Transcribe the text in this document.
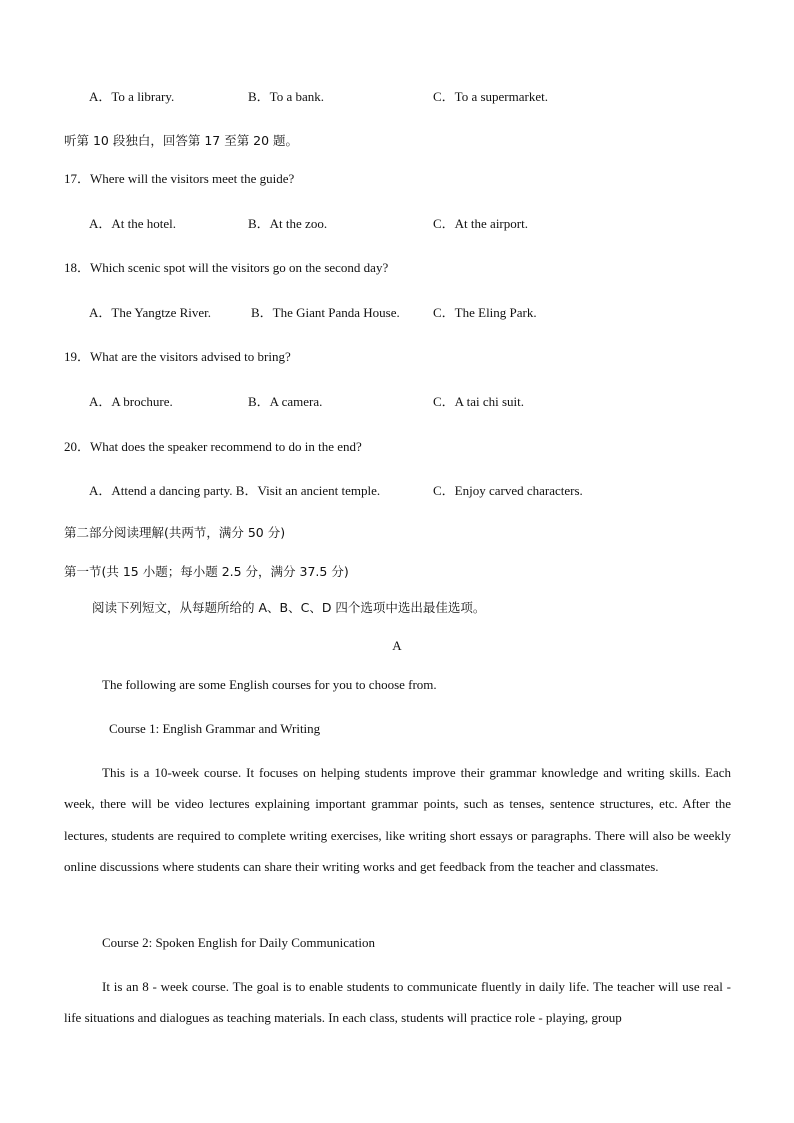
A．To a library.	B．To a bank.	C．To a supermarket.
听第 10 段独白，回答第 17 至第 20 题。
17．Where will the visitors meet the guide?
A．At the hotel.	B．At the zoo.	C．At the airport.
18．Which scenic spot will the visitors go on the second day?
A．The Yangtze River.	B．The Giant Panda House.	C．The Eling Park.
19．What are the visitors advised to bring?
A．A brochure.	B．A camera.	C．A tai chi suit.
20．What does the speaker recommend to do in the end?
A．Attend a dancing party. B．Visit an ancient temple.	C．Enjoy carved characters.
第二部分阅读理解(共两节，满分 50 分)
第一节(共 15 小题；每小题 2.5 分，满分 37.5 分)
阅读下列短文，从每题所给的 A、B、C、D 四个选项中选出最佳选项。
A
The following are some English courses for you to choose from.
Course 1: English Grammar and Writing
This is a 10-week course. It focuses on helping students improve their grammar knowledge and writing skills. Each week, there will be video lectures explaining important grammar points, such as tenses, sentence structures, etc. After the lectures, students are required to complete writing exercises, like writing short essays or paragraphs. There will also be weekly online discussions where students can share their writing works and get feedback from the teacher and classmates.
Course 2: Spoken English for Daily Communication
It is an 8 - week course. The goal is to enable students to communicate fluently in daily life. The teacher will use real - life situations and dialogues as teaching materials. In each class, students will practice role - playing, group
